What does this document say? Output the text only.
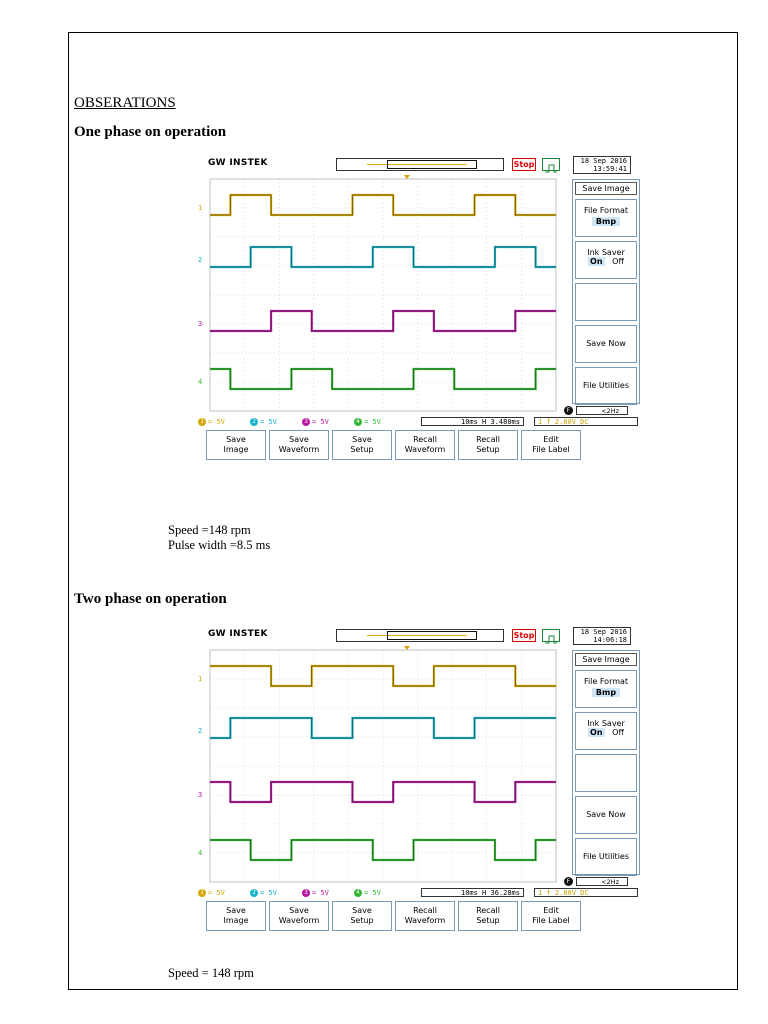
OBSERATIONS
One phase on operation
GW INSTEK	Stop	18 Sep 2016
13:59:41
1
2
3
4
Save Image
File Format
Bmp
Ink Saver
On Off
Save Now
File Utilities
F	<2Hz
1 = 5V	2 = 5V	3 = 5V	4 = 5V	10ms H 3.480ms	1 f 2.80V DC
Save
Image
Save
Waveform
Save
Setup
Recall
Waveform
Recall
Setup
Edit
File Label
Speed =148 rpm
Pulse width =8.5 ms
Two phase on operation
GW INSTEK	Stop	18 Sep 2016
14:06:18
1
2
3
4
Save Image
File Format
Bmp
Ink Saver
On Off
Save Now
File Utilities
F	<2Hz
1 = 5V	2 = 5V	3 = 5V	4 = 5V	10ms H 36.28ms	1 f 2.80V DC
Save
Image
Save
Waveform
Save
Setup
Recall
Waveform
Recall
Setup
Edit
File Label
Speed = 148 rpm
